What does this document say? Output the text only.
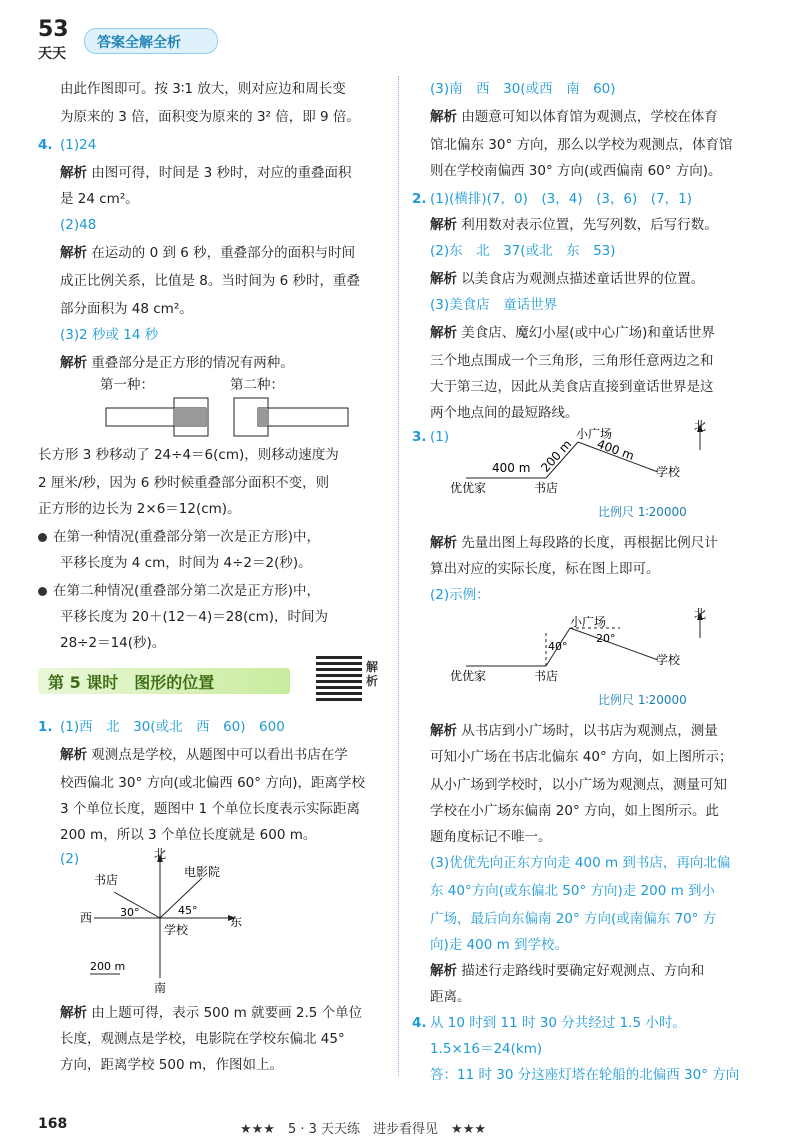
53
天天
答案全解全析
由此作图即可。按 3∶1 放大，则对应边和周长变
为原来的 3 倍，面积变为原来的 3² 倍，即 9 倍。
4. (1)24
解析 由图可得，时间是 3 秒时，对应的重叠面积
是 24 cm²。
(2)48
解析 在运动的 0 到 6 秒，重叠部分的面积与时间
成正比例关系，比值是 8。当时间为 6 秒时，重叠
部分面积为 48 cm²。
(3)2 秒或 14 秒
解析 重叠部分是正方形的情况有两种。
第一种：	第二种：
长方形 3 秒移动了 24÷4＝6(cm)，则移动速度为
2 厘米/秒，因为 6 秒时候重叠部分面积不变，则
正方形的边长为 2×6＝12(cm)。
在第一种情况(重叠部分第一次是正方形)中，
平移长度为 4 cm，时间为 4÷2＝2(秒)。
在第二种情况(重叠部分第二次是正方形)中，
平移长度为 20＋(12－4)＝28(cm)，时间为
28÷2＝14(秒)。
第 5 课时　图形的位置
解析
1. (1)西　北　30(或北　西　60)　600
解析 观测点是学校，从题图中可以看出书店在学
校西偏北 30° 方向(或北偏西 60° 方向)，距离学校
3 个单位长度，题图中 1 个单位长度表示实际距离
200 m，所以 3 个单位长度就是 600 m。
(2)	北
南
西	东
书店
电影院
学校
30°	45°
200 m
解析 由上题可得，表示 500 m 就要画 2.5 个单位
长度，观测点是学校，电影院在学校东偏北 45°
方向，距离学校 500 m，作图如上。
(3)南　西　30(或西　南　60)
解析 由题意可知以体育馆为观测点，学校在体育
馆北偏东 30° 方向，那么以学校为观测点，体育馆
则在学校南偏西 30° 方向(或西偏南 60° 方向)。
2. (1)(横排)(7，0)　(3，4)　(3，6)　(7，1)
解析 利用数对表示位置，先写列数，后写行数。
(2)东　北　37(或北　东　53)
解析 以美食店为观测点描述童话世界的位置。
(3)美食店　童话世界
解析 美食店、魔幻小屋(或中心广场)和童话世界
三个地点围成一个三角形，三角形任意两边之和
大于第三边，因此从美食店直接到童话世界是这
两个地点间的最短路线。
3. (1)
北
小广场
优优家	书店
学校
400 m 200 m 400 m
比例尺 1∶20000
解析 先量出图上每段路的长度，再根据比例尺计
算出对应的实际长度，标在图上即可。
(2)示例：
北
小广场
优优家	书店
学校
40°
20°
比例尺 1∶20000
解析 从书店到小广场时，以书店为观测点，测量
可知小广场在书店北偏东 40° 方向，如上图所示；
从小广场到学校时，以小广场为观测点，测量可知
学校在小广场东偏南 20° 方向，如上图所示。此
题角度标记不唯一。
(3)优优先向正东方向走 400 m 到书店，再向北偏
东 40°方向(或东偏北 50° 方向)走 200 m 到小
广场，最后向东偏南 20° 方向(或南偏东 70° 方
向)走 400 m 到学校。
解析 描述行走路线时要确定好观测点、方向和
距离。
4. 从 10 时到 11 时 30 分共经过 1.5 小时。
1.5×16＝24(km)
答：11 时 30 分这座灯塔在轮船的北偏西 30° 方向
168	★★★　5 · 3 天天练　进步看得见　★★★
